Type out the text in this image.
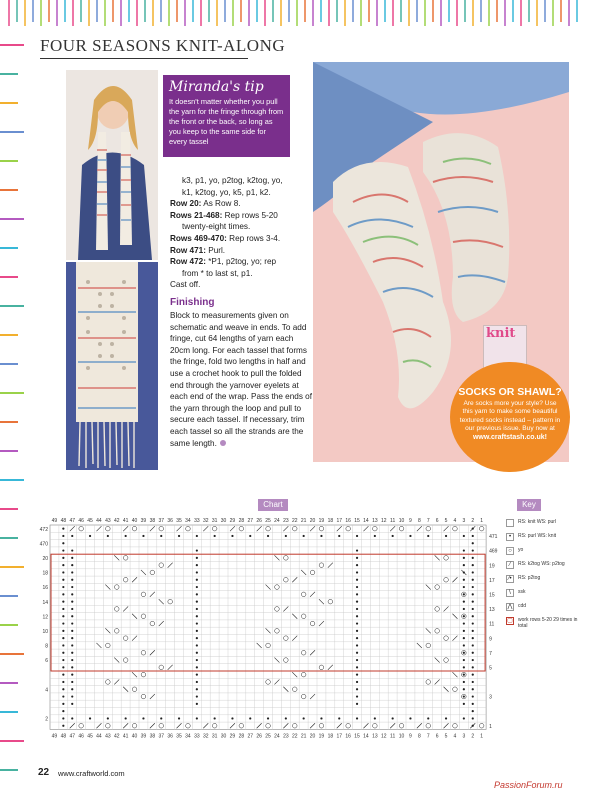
FOUR SEASONS KNIT-ALONG
Miranda's tip
It doesn't matter whether you pull the yarn for the fringe through from the front or the back, so long as you keep to the same side for every tassel

k3, p1, yo, p2tog, k2tog, yo,

k1, k2tog, yo, k5, p1, k2.

Row 20: As Row 8.

Rows 21-468: Rep rows 5-20

twenty-eight times.

Rows 469-470: Rep rows 3-4.

Row 471: Purl.

Row 472: *P1, p2tog, yo; rep

from * to last st, p1.

Cast off.

Finishing
Block to measurements given on schematic and weave in ends. To add fringe, cut 64 lengths of yarn each 20cm long. For each tassel that forms the fringe, fold two lengths in half and use a crochet hook to pull the folded end through the yarnover eyelets at each end of the wrap. Pass the ends of the yarn through the loop and pull to secure each tassel. If necessary, trim each tassel so all the strands are the same length.
knit
SOCKS OR SHAWL?
Are socks more your style? Use this yarn to make some beautiful textured socks instead – pattern in our previous issue. Buy now at
www.craftstash.co.uk!
Chart	Key
49
49
48
48
47
47
46
46
45
45
44
44
43
43
42
42
41
41
40
40
39
39
38
38
37
37
36
36
35
35
34
34
33
33
32
32
31
31
30
30
29
29
28
28
27
27
26
26
25
25
24
24
23
23
22
22
21
21
20
20
19
19
18
18
17
17
16
16
15
15
14
14
13
13
12
12
11
11
10
10
9
9
8
8
7
7
6
6
5
5
4
4
3
3
2
2
1
1
472
470
20
18
16
14
12
10
8
6
4
2
471
469
19
17
15
13
11
9
7
5
3
1
RS: knit WS: purl
•	RS: purl WS: knit
○	yo
⁄	RS: k2tog WS: p2tog
⁄•	RS: p2tog
\	ssk
⋀	cdd
▢ work rows 5-20 29 times in total
22 www.craftworld.com
PassionForum.ru
